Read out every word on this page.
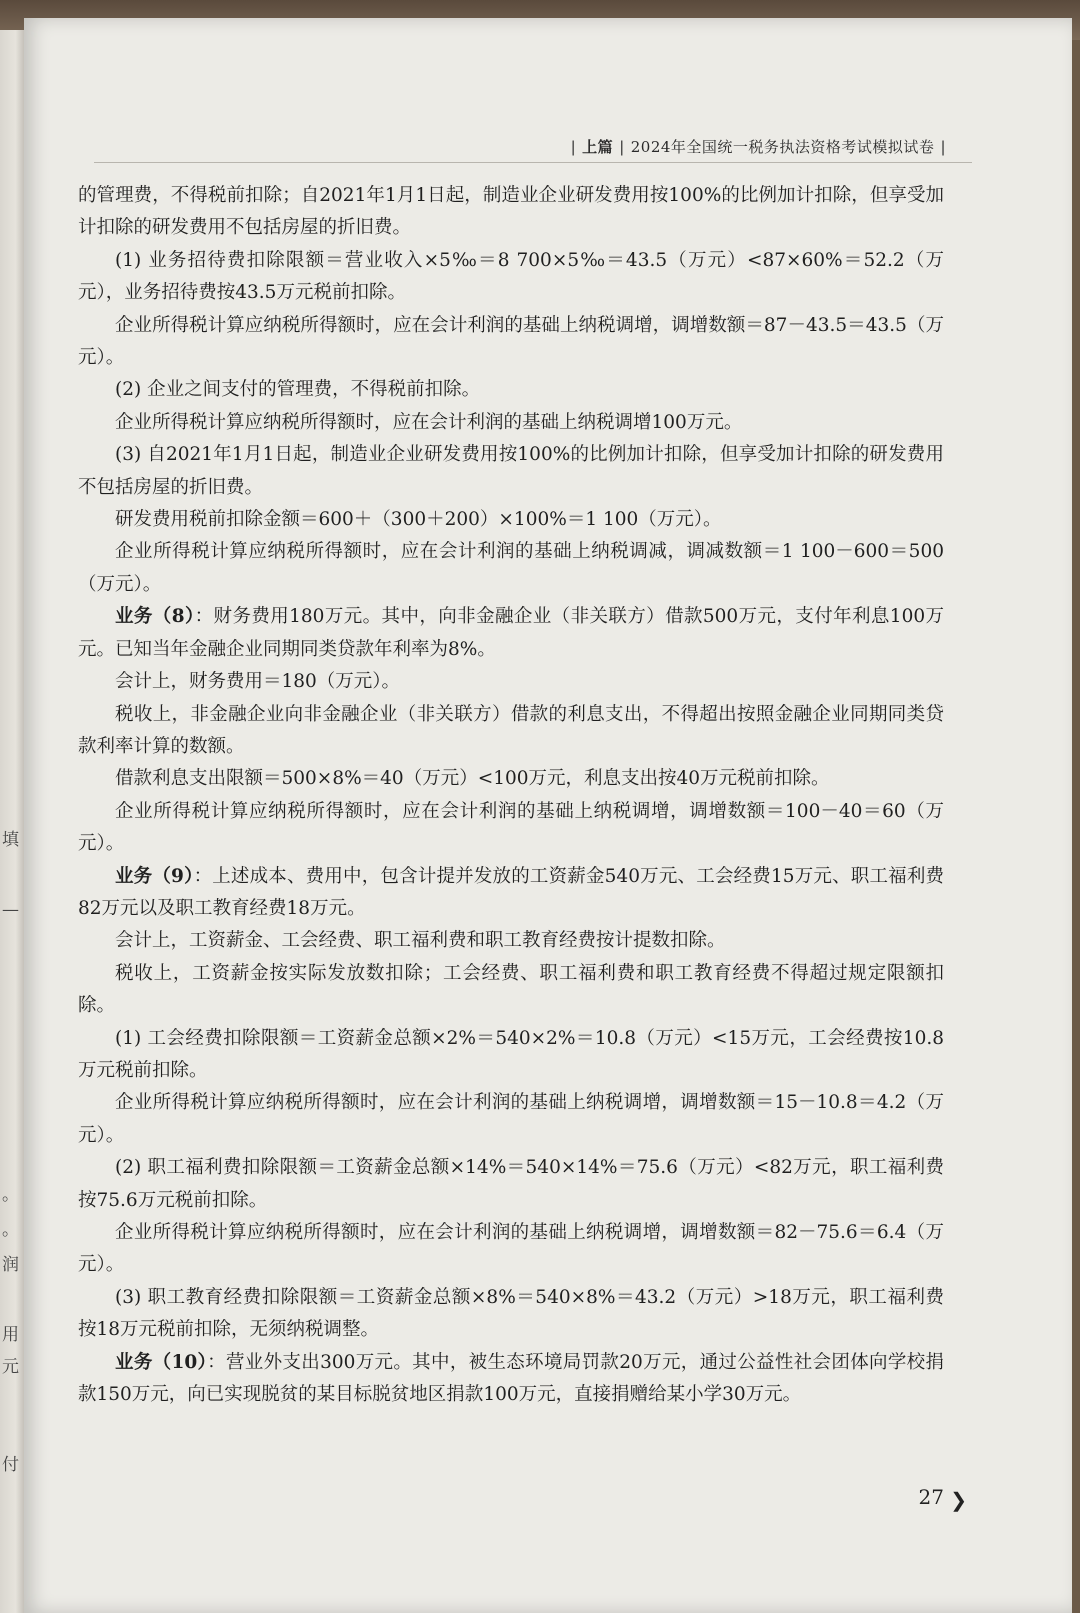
填
—
。
。
润
用
元
付
| 上篇 | 2024年全国统一税务执法资格考试模拟试卷 |

的管理费，不得税前扣除；自2021年1月1日起，制造业企业研发费用按100%的比例加计扣除，但享受加计扣除的研发费用不包括房屋的折旧费。

(1) 业务招待费扣除限额＝营业收入×5‰＝8 700×5‰＝43.5（万元）<87×60%＝52.2（万元），业务招待费按43.5万元税前扣除。

企业所得税计算应纳税所得额时，应在会计利润的基础上纳税调增，调增数额＝87－43.5＝43.5（万元）。

(2) 企业之间支付的管理费，不得税前扣除。

企业所得税计算应纳税所得额时，应在会计利润的基础上纳税调增100万元。

(3) 自2021年1月1日起，制造业企业研发费用按100%的比例加计扣除，但享受加计扣除的研发费用不包括房屋的折旧费。

研发费用税前扣除金额＝600＋（300＋200）×100%＝1 100（万元）。

企业所得税计算应纳税所得额时，应在会计利润的基础上纳税调减，调减数额＝1 100－600＝500（万元）。

业务（8）：财务费用180万元。其中，向非金融企业（非关联方）借款500万元，支付年利息100万元。已知当年金融企业同期同类贷款年利率为8%。

会计上，财务费用＝180（万元）。

税收上，非金融企业向非金融企业（非关联方）借款的利息支出，不得超出按照金融企业同期同类贷款利率计算的数额。

借款利息支出限额＝500×8%＝40（万元）<100万元，利息支出按40万元税前扣除。

企业所得税计算应纳税所得额时，应在会计利润的基础上纳税调增，调增数额＝100－40＝60（万元）。

业务（9）：上述成本、费用中，包含计提并发放的工资薪金540万元、工会经费15万元、职工福利费82万元以及职工教育经费18万元。

会计上，工资薪金、工会经费、职工福利费和职工教育经费按计提数扣除。

税收上，工资薪金按实际发放数扣除；工会经费、职工福利费和职工教育经费不得超过规定限额扣除。

(1) 工会经费扣除限额＝工资薪金总额×2%＝540×2%＝10.8（万元）<15万元，工会经费按10.8万元税前扣除。

企业所得税计算应纳税所得额时，应在会计利润的基础上纳税调增，调增数额＝15－10.8＝4.2（万元）。

(2) 职工福利费扣除限额＝工资薪金总额×14%＝540×14%＝75.6（万元）<82万元，职工福利费按75.6万元税前扣除。

企业所得税计算应纳税所得额时，应在会计利润的基础上纳税调增，调增数额＝82－75.6＝6.4（万元）。

(3) 职工教育经费扣除限额＝工资薪金总额×8%＝540×8%＝43.2（万元）>18万元，职工福利费按18万元税前扣除，无须纳税调整。

业务（10）：营业外支出300万元。其中，被生态环境局罚款20万元，通过公益性社会团体向学校捐款150万元，向已实现脱贫的某目标脱贫地区捐款100万元，直接捐赠给某小学30万元。

27 ❯
